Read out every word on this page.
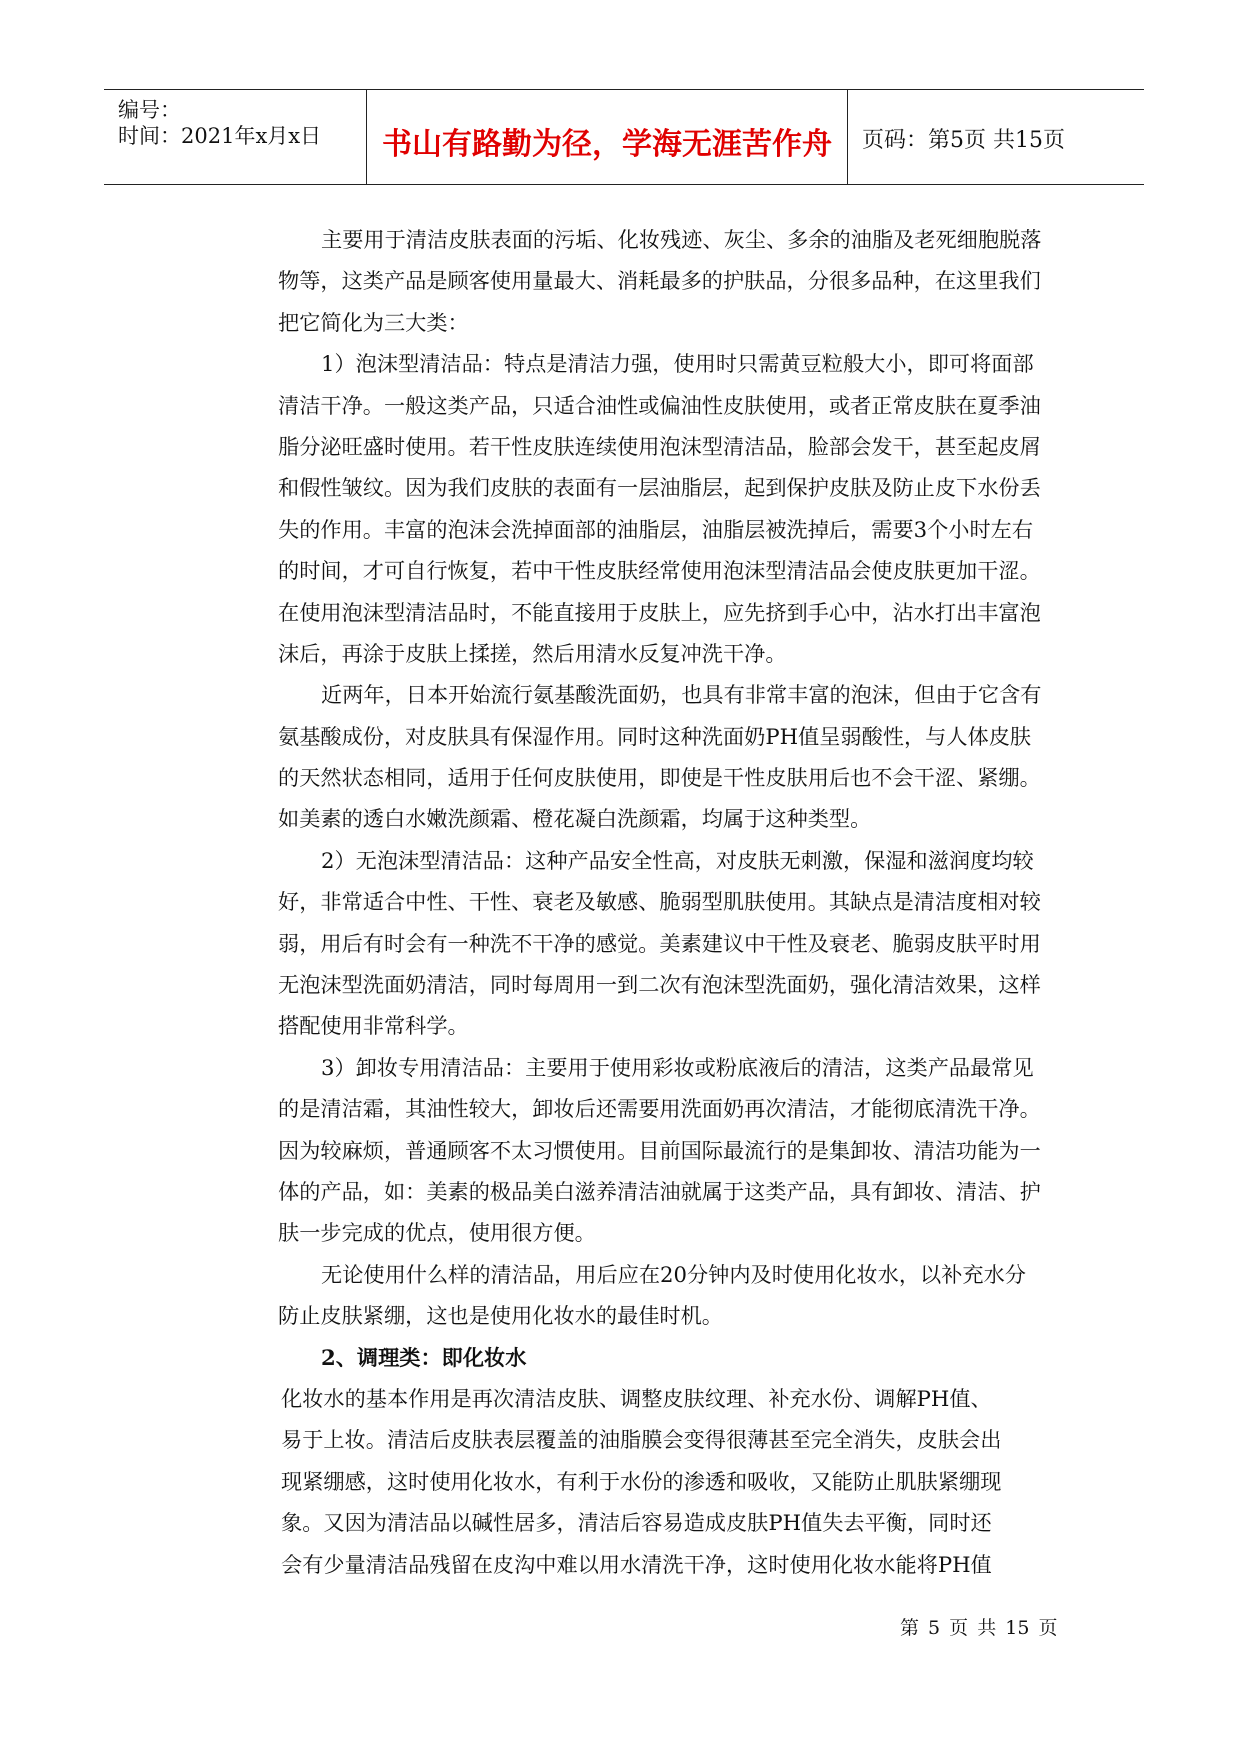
编号：
时间：2021年x月x日	书山有路勤为径，学海无涯苦作舟	页码：第5页 共15页
主要用于清洁皮肤表面的污垢、化妆残迹、灰尘、多余的油脂及老死细胞脱落
物等，这类产品是顾客使用量最大、消耗最多的护肤品，分很多品种，在这里我们
把它简化为三大类：
1）泡沫型清洁品：特点是清洁力强，使用时只需黄豆粒般大小，即可将面部
清洁干净。一般这类产品，只适合油性或偏油性皮肤使用，或者正常皮肤在夏季油
脂分泌旺盛时使用。若干性皮肤连续使用泡沫型清洁品，脸部会发干，甚至起皮屑
和假性皱纹。因为我们皮肤的表面有一层油脂层，起到保护皮肤及防止皮下水份丢
失的作用。丰富的泡沫会洗掉面部的油脂层，油脂层被洗掉后，需要3个小时左右
的时间，才可自行恢复，若中干性皮肤经常使用泡沫型清洁品会使皮肤更加干涩。
在使用泡沫型清洁品时，不能直接用于皮肤上，应先挤到手心中，沾水打出丰富泡
沫后，再涂于皮肤上揉搓，然后用清水反复冲洗干净。
近两年，日本开始流行氨基酸洗面奶，也具有非常丰富的泡沫，但由于它含有
氨基酸成份，对皮肤具有保湿作用。同时这种洗面奶PH值呈弱酸性，与人体皮肤
的天然状态相同，适用于任何皮肤使用，即使是干性皮肤用后也不会干涩、紧绷。
如美素的透白水嫩洗颜霜、橙花凝白洗颜霜，均属于这种类型。
2）无泡沫型清洁品：这种产品安全性高，对皮肤无刺激，保湿和滋润度均较
好，非常适合中性、干性、衰老及敏感、脆弱型肌肤使用。其缺点是清洁度相对较
弱，用后有时会有一种洗不干净的感觉。美素建议中干性及衰老、脆弱皮肤平时用
无泡沫型洗面奶清洁，同时每周用一到二次有泡沫型洗面奶，强化清洁效果，这样
搭配使用非常科学。
3）卸妆专用清洁品：主要用于使用彩妆或粉底液后的清洁，这类产品最常见
的是清洁霜，其油性较大，卸妆后还需要用洗面奶再次清洁，才能彻底清洗干净。
因为较麻烦，普通顾客不太习惯使用。目前国际最流行的是集卸妆、清洁功能为一
体的产品，如：美素的极品美白滋养清洁油就属于这类产品，具有卸妆、清洁、护
肤一步完成的优点，使用很方便。
无论使用什么样的清洁品，用后应在20分钟内及时使用化妆水，以补充水分
防止皮肤紧绷，这也是使用化妆水的最佳时机。
2、调理类：即化妆水
化妆水的基本作用是再次清洁皮肤、调整皮肤纹理、补充水份、调解PH值、
易于上妆。清洁后皮肤表层覆盖的油脂膜会变得很薄甚至完全消失，皮肤会出
现紧绷感，这时使用化妆水，有利于水份的渗透和吸收，又能防止肌肤紧绷现
象。又因为清洁品以碱性居多，清洁后容易造成皮肤PH值失去平衡，同时还
会有少量清洁品残留在皮沟中难以用水清洗干净，这时使用化妆水能将PH值
第 5 页 共 15 页
